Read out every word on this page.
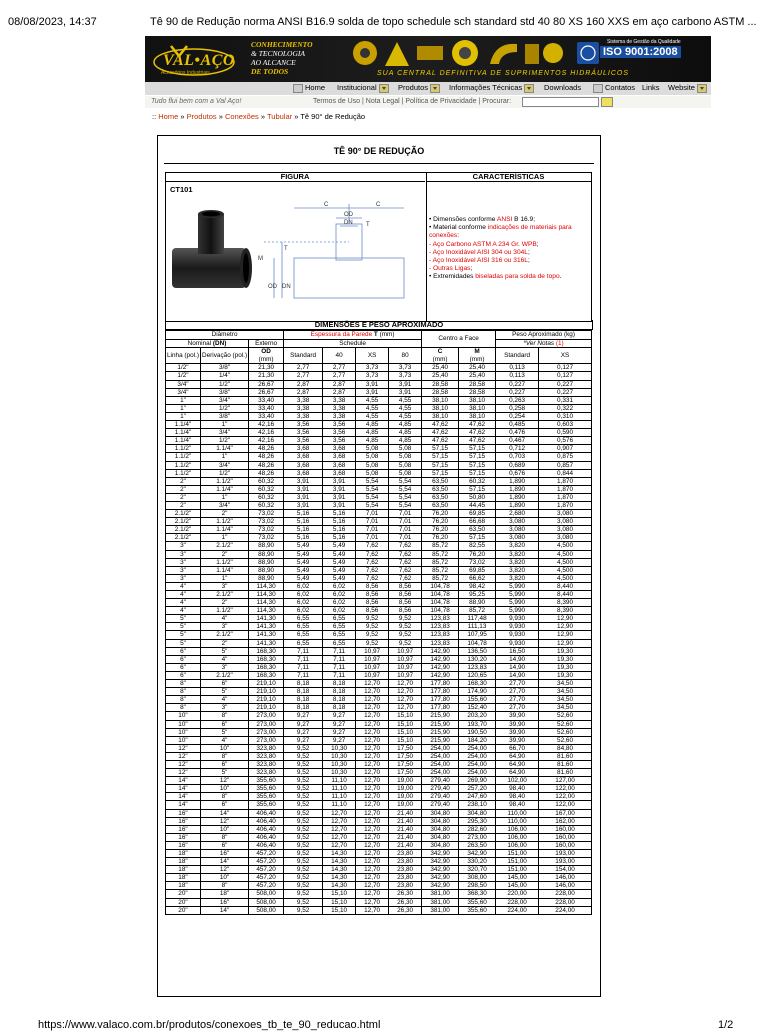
08/08/2023, 14:37	Tê 90 de Redução norma ANSI B16.9 solda de topo schedule sch standard std 40 80 XS 160 XXS em aço carbono ASTM ...
VAL•AÇO
Acessórios Industriais
CONHECIMENTO
& TECNOLOGIA
AO ALCANCE
DE TODOS	SUA CENTRAL DEFINITIVA DE SUPRIMENTOS HIDRÁULICOS
Sistema de Gestão da Qualidade
ISO 9001:2008
Home Institucional	Produtos	Informações Técnicas	Downloads	Contatos Links Website
Tudo flui bem com a Val Aço!	Termos de Uso | Nota Legal | Política de Privacidade | Procurar:
:: Home » Produtos » Conexões » Tubular » Tê 90° de Redução
TÊ 90° DE REDUÇÃO
FIGURA
CT101
C	C
OD
DN T
T
M
OD DN
CARACTERÍSTICAS
• Dimensões conforme ANSI B 16.9;
• Material conforme indicações de materiais para conexões:
- Aço Carbono ASTM A 234 Gr. WPB;
- Aço Inoxidável AISI 304 ou 304L;
- Aço Inoxidável AISI 316 ou 316L;
- Outras Ligas;
• Extremidades biseladas para solda de topo.
DIMENSÕES E PESO APROXIMADO
Diâmetro			Espessura da Parede T (mm)				Centro a Face		Peso Aproximado (kg)	
Nominal (DN)		Externo	Schedule						*Ver Notas (1)	
Linha (pol.)	Derivação (pol.)	OD
(mm)	Standard	40	XS	80	C
(mm)	M
(mm)	Standard	XS
1/2"	3/8"	21,30	2,77	2,77	3,73	3,73	25,40	25,40	0,113	0,127
1/2"	1/4"	21,30	2,77	2,77	3,73	3,73	25,40	25,40	0,113	0,127
3/4"	1/2"	26,67	2,87	2,87	3,91	3,91	28,58	28,58	0,227	0,227
3/4"	3/8"	26,67	2,87	2,87	3,91	3,91	28,58	28,58	0,227	0,227
1"	3/4"	33,40	3,38	3,38	4,55	4,55	38,10	38,10	0,263	0,331
1"	1/2"	33,40	3,38	3,38	4,55	4,55	38,10	38,10	0,258	0,322
1"	3/8"	33,40	3,38	3,38	4,55	4,55	38,10	38,10	0,254	0,310
1.1/4"	1"	42,16	3,56	3,56	4,85	4,85	47,62	47,62	0,485	0,603
1.1/4"	3/4"	42,16	3,56	3,56	4,85	4,85	47,62	47,62	0,476	0,590
1.1/4"	1/2"	42,16	3,56	3,56	4,85	4,85	47,62	47,62	0,467	0,576
1.1/2"	1.1/4"	48,26	3,68	3,68	5,08	5,08	57,15	57,15	0,712	0,907
1.1/2"	1"	48,26	3,68	3,68	5,08	5,08	57,15	57,15	0,703	0,875
1.1/2"	3/4"	48,26	3,68	3,68	5,08	5,08	57,15	57,15	0,689	0,857
1.1/2"	1/2"	48,26	3,68	3,68	5,08	5,08	57,15	57,15	0,676	0,844
2"	1.1/2"	60,32	3,91	3,91	5,54	5,54	63,50	60,32	1,890	1,870
2"	1.1/4"	60,32	3,91	3,91	5,54	5,54	63,50	57,15	1,890	1,870
2"	1"	60,32	3,91	3,91	5,54	5,54	63,50	50,80	1,890	1,870
2"	3/4"	60,32	3,91	3,91	5,54	5,54	63,50	44,45	1,890	1,870
2.1/2"	2"	73,02	5,16	5,16	7,01	7,01	76,20	69,85	2,680	3,080
2.1/2"	1.1/2"	73,02	5,16	5,16	7,01	7,01	76,20	66,68	3,080	3,080
2.1/2"	1.1/4"	73,02	5,16	5,16	7,01	7,01	76,20	63,50	3,080	3,080
2.1/2"	1"	73,02	5,16	5,16	7,01	7,01	76,20	57,15	3,080	3,080
3"	2.1/2"	88,90	5,49	5,49	7,62	7,62	85,72	82,55	3,820	4,500
3"	2"	88,90	5,49	5,49	7,62	7,62	85,72	76,20	3,820	4,500
3"	1.1/2"	88,90	5,49	5,49	7,62	7,62	85,72	73,02	3,820	4,500
3"	1.1/4"	88,90	5,49	5,49	7,62	7,62	85,72	69,85	3,820	4,500
3"	1"	88,90	5,49	5,49	7,62	7,62	85,72	66,62	3,820	4,500
4"	3"	114,30	6,02	6,02	8,56	8,56	104,78	98,42	5,990	8,440
4"	2.1/2"	114,30	6,02	6,02	8,56	8,56	104,78	95,25	5,990	8,440
4"	2"	114,30	6,02	6,02	8,56	8,56	104,78	88,90	5,990	8,390
4"	1.1/2"	114,30	6,02	6,02	8,56	8,56	104,78	85,72	5,990	8,390
5"	4"	141,30	6,55	6,55	9,52	9,52	123,83	117,48	9,930	12,90
5"	3"	141,30	6,55	6,55	9,52	9,52	123,83	111,13	9,930	12,90
5"	2.1/2"	141,30	6,55	6,55	9,52	9,52	123,83	107,95	9,930	12,90
5"	2"	141,30	6,55	6,55	9,52	9,52	123,83	104,78	9,930	12,90
6"	5"	168,30	7,11	7,11	10,97	10,97	142,90	136,50	16,50	19,30
6"	4"	168,30	7,11	7,11	10,97	10,97	142,90	130,20	14,90	19,30
6"	3"	168,30	7,11	7,11	10,97	10,97	142,90	123,83	14,90	19,30
6"	2.1/2"	168,30	7,11	7,11	10,97	10,97	142,90	120,65	14,90	19,30
8"	6"	219,10	8,18	8,18	12,70	12,70	177,80	168,30	27,70	34,50
8"	5"	219,10	8,18	8,18	12,70	12,70	177,80	174,90	27,70	34,50
8"	4"	219,10	8,18	8,18	12,70	12,70	177,80	155,60	27,70	34,50
8"	3"	219,10	8,18	8,18	12,70	12,70	177,80	152,40	27,70	34,50
10"	8"	273,00	9,27	9,27	12,70	15,10	215,90	203,20	39,90	52,60
10"	6"	273,00	9,27	9,27	12,70	15,10	215,90	193,70	39,90	52,60
10"	5"	273,00	9,27	9,27	12,70	15,10	215,90	190,50	39,90	52,60
10"	4"	273,00	9,27	9,27	12,70	15,10	215,90	184,20	39,90	52,60
12"	10"	323,80	9,52	10,30	12,70	17,50	254,00	254,00	66,70	84,80
12"	8"	323,80	9,52	10,30	12,70	17,50	254,00	254,00	64,90	81,60
12"	6"	323,80	9,52	10,30	12,70	17,50	254,00	254,00	64,90	81,60
12"	5"	323,80	9,52	10,30	12,70	17,50	254,00	254,00	64,90	81,60
14"	12"	355,60	9,52	11,10	12,70	19,00	279,40	269,90	102,00	127,00
14"	10"	355,60	9,52	11,10	12,70	19,00	279,40	257,20	98,40	122,00
14"	8"	355,60	9,52	11,10	12,70	19,00	279,40	247,60	98,40	122,00
14"	6"	355,60	9,52	11,10	12,70	19,00	279,40	238,10	98,40	122,00
16"	14"	406,40	9,52	12,70	12,70	21,40	304,80	304,80	110,00	167,00
16"	12"	406,40	9,52	12,70	12,70	21,40	304,80	295,30	110,00	162,00
16"	10"	406,40	9,52	12,70	12,70	21,40	304,80	282,60	106,00	160,00
16"	8"	406,40	9,52	12,70	12,70	21,40	304,80	273,00	106,00	160,00
16"	6"	406,40	9,52	12,70	12,70	21,40	304,80	263,50	106,00	160,00
18"	16"	457,20	9,52	14,30	12,70	23,80	342,90	342,90	151,00	193,00
18"	14"	457,20	9,52	14,30	12,70	23,80	342,90	330,20	151,00	193,00
18"	12"	457,20	9,52	14,30	12,70	23,80	342,90	320,70	151,00	154,00
18"	10"	457,20	9,52	14,30	12,70	23,80	342,90	308,00	145,00	146,00
18"	8"	457,20	9,52	14,30	12,70	23,80	342,90	298,50	145,00	146,00
20"	18"	508,00	9,52	15,10	12,70	26,30	381,00	368,30	220,00	228,00
20"	16"	508,00	9,52	15,10	12,70	26,30	381,00	355,60	228,00	228,00
20"	14"	508,00	9,52	15,10	12,70	26,30	381,00	355,60	224,00	224,00
https://www.valaco.com.br/produtos/conexoes_tb_te_90_reducao.html	1/2
